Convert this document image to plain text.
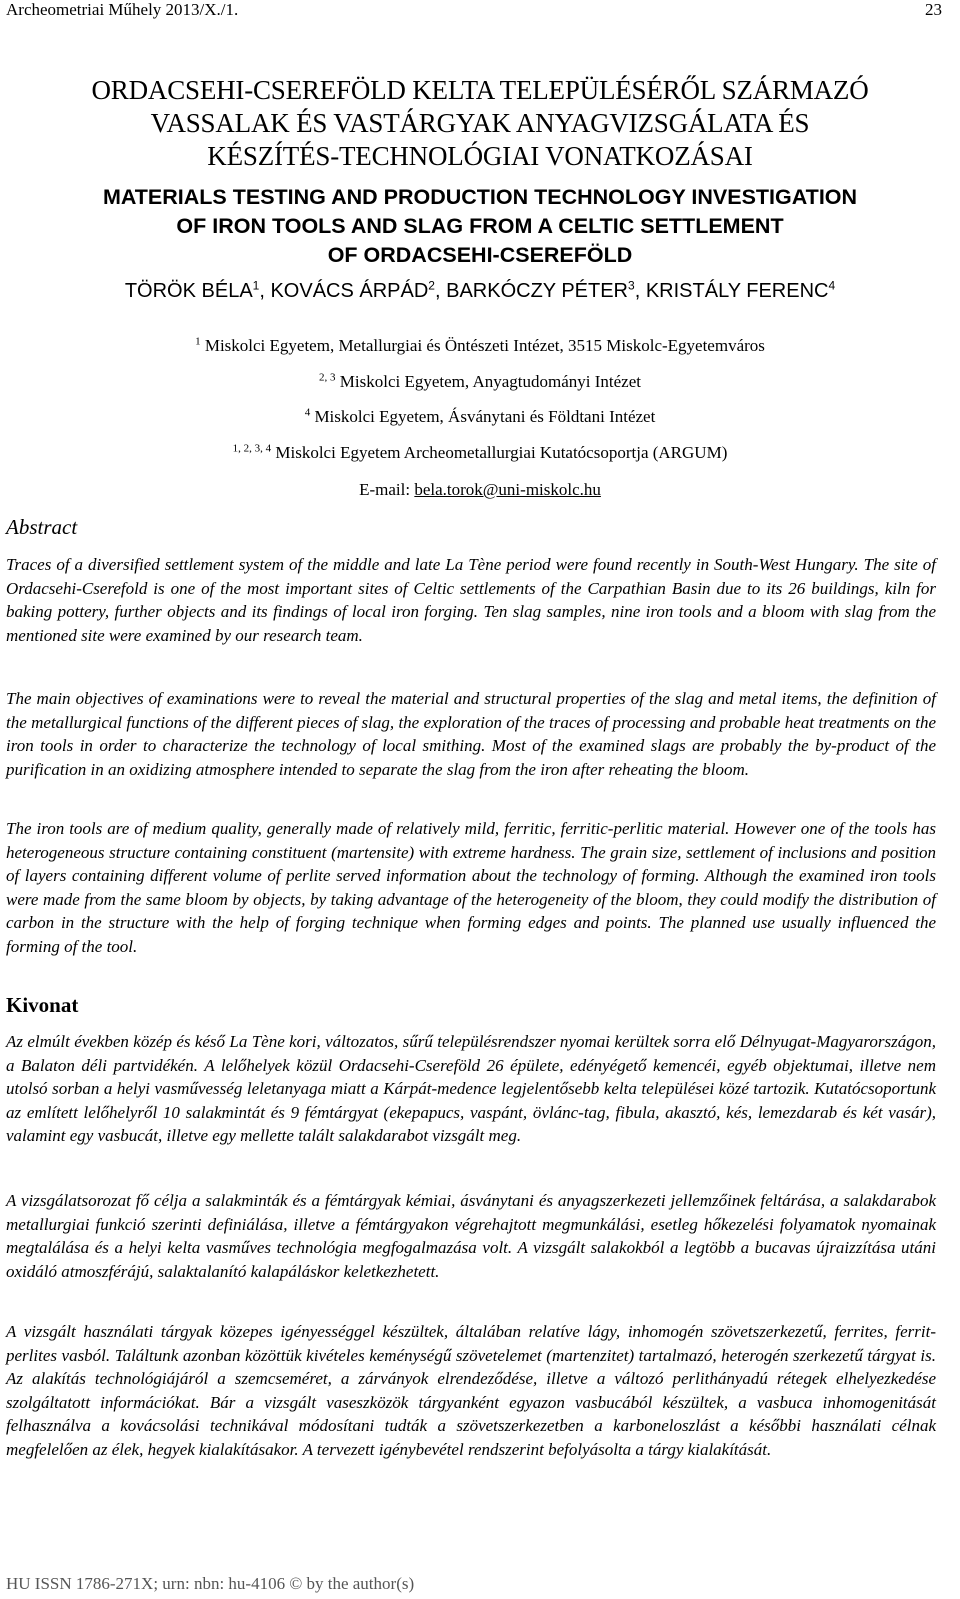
Archeometriai Műhely 2013/X./1.	23
ORDACSEHI-CSEREFÖLD KELTA TELEPÜLÉSÉRŐL SZÁRMAZÓ
VASSALAK ÉS VASTÁRGYAK ANYAGVIZSGÁLATA ÉS
KÉSZÍTÉS-TECHNOLÓGIAI VONATKOZÁSAI
MATERIALS TESTING AND PRODUCTION TECHNOLOGY INVESTIGATION
OF IRON TOOLS AND SLAG FROM A CELTIC SETTLEMENT
OF ORDACSEHI-CSEREFÖLD
TÖRÖK BÉLA$^1$, KOVÁCS ÁRPÁD$^2$, BARKÓCZY PÉTER$^3$, KRISTÁLY FERENC$^4$
$^1$ Miskolci Egyetem, Metallurgiai és Öntészeti Intézet, 3515 Miskolc-Egyetemváros
$^{2, 3}$ Miskolci Egyetem, Anyagtudományi Intézet
$^4$ Miskolci Egyetem, Ásványtani és Földtani Intézet
$^{1, 2, 3, 4}$ Miskolci Egyetem Archeometallurgiai Kutatócsoportja (ARGUM)
E-mail: bela.torok@uni-miskolc.hu
Abstract

Traces of a diversified settlement system of the middle and late La Tène period were found recently in South-West Hungary. The site of Ordacsehi-Cserefold is one of the most important sites of Celtic settlements of the Carpathian Basin due to its 26 buildings, kiln for baking pottery, further objects and its findings of local iron forging. Ten slag samples, nine iron tools and a bloom with slag from the mentioned site were examined by our research team.

The main objectives of examinations were to reveal the material and structural properties of the slag and metal items, the definition of the metallurgical functions of the different pieces of slag, the exploration of the traces of processing and probable heat treatments on the iron tools in order to characterize the technology of local smithing. Most of the examined slags are probably the by-product of the purification in an oxidizing atmosphere intended to separate the slag from the iron after reheating the bloom.

The iron tools are of medium quality, generally made of relatively mild, ferritic, ferritic-perlitic material. However one of the tools has heterogeneous structure containing constituent (martensite) with extreme hardness. The grain size, settlement of inclusions and position of layers containing different volume of perlite served information about the technology of forming. Although the examined iron tools were made from the same bloom by objects, by taking advantage of the heterogeneity of the bloom, they could modify the distribution of carbon in the structure with the help of forging technique when forming edges and points. The planned use usually influenced the forming of the tool.

Kivonat

Az elmúlt években közép és késő La Tène kori, változatos, sűrű településrendszer nyomai kerültek sorra elő Délnyugat-Magyarországon, a Balaton déli partvidékén. A lelőhelyek közül Ordacsehi-Csereföld 26 épülete, edényégető kemencéi, egyéb objektumai, illetve nem utolsó sorban a helyi vasművesség leletanyaga miatt a Kárpát-medence legjelentősebb kelta települései közé tartozik. Kutatócsoportunk az említett lelőhelyről 10 salakmintát és 9 fémtárgyat (ekepapucs, vaspánt, övlánc-tag, fibula, akasztó, kés, lemezdarab és két vasár), valamint egy vasbucát, illetve egy mellette talált salakdarabot vizsgált meg.

A vizsgálatsorozat fő célja a salakminták és a fémtárgyak kémiai, ásványtani és anyagszerkezeti jellemzőinek feltárása, a salakdarabok metallurgiai funkció szerinti definiálása, illetve a fémtárgyakon végrehajtott megmunkálási, esetleg hőkezelési folyamatok nyomainak megtalálása és a helyi kelta vasműves technológia megfogalmazása volt. A vizsgált salakokból a legtöbb a bucavas újraizzítása utáni oxidáló atmoszférájú, salaktalanító kalapáláskor keletkezhetett.

A vizsgált használati tárgyak közepes igényességgel készültek, általában relatíve lágy, inhomogén szövetszerkezetű, ferrites, ferrit-perlites vasból. Találtunk azonban közöttük kivételes keménységű szövetelemet (martenzitet) tartalmazó, heterogén szerkezetű tárgyat is. Az alakítás technológiájáról a szemcseméret, a zárványok elrendeződése, illetve a változó perlithányadú rétegek elhelyezkedése szolgáltatott információkat. Bár a vizsgált vaseszközök tárgyanként egyazon vasbucából készültek, a vasbuca inhomogenitását felhasználva a kovácsolási technikával módosítani tudták a szövetszerkezetben a karboneloszlást a későbbi használati célnak megfelelően az élek, hegyek kialakításakor. A tervezett igénybevétel rendszerint befolyásolta a tárgy kialakítását.

HU ISSN 1786-271X; urn: nbn: hu-4106 © by the author(s)
